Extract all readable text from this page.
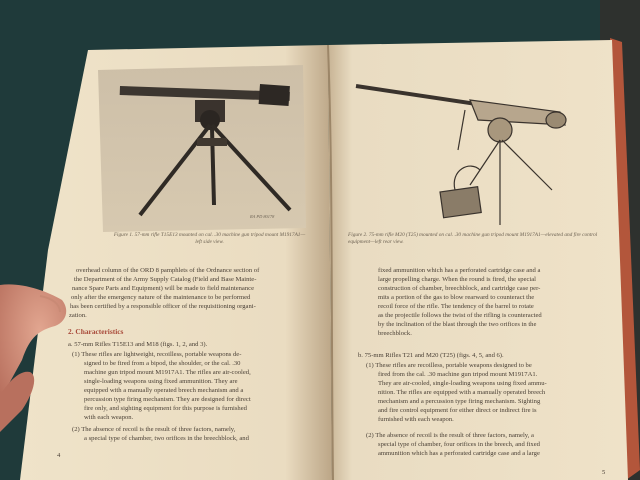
RA PD 80178
Figure 1. 57-mm rifle T15E13 mounted on cal. .30 machine gun tripod mount M1917A1—left side view.
overhead column of the ORD 8 pamphlets of the Ordnance section of
the Department of the Army Supply Catalog (Field and Base Mainte-
nance Spare Parts and Equipment) will be made to field maintenance
only after the emergency nature of the maintenance to be performed
has been certified by a responsible officer of the requisitioning organi-
zation.
2. Characteristics
a. 57-mm Rifles T15E13 and M18 (figs. 1, 2, and 3).
(1) These rifles are lightweight, recoilless, portable weapons de-
signed to be fired from a bipod, the shoulder, or the cal. .30
machine gun tripod mount M1917A1. The rifles are air-cooled,
single-loading weapons using fixed ammunition. They are
equipped with a manually operated breech mechanism and a
percussion type firing mechanism. They are designed for direct
fire only, and sighting equipment for this purpose is furnished
with each weapon.
(2) The absence of recoil is the result of three factors, namely,
a special type of chamber, two orifices in the breechblock, and
4
Figure 2. 75-mm rifle M20 (T25) mounted on cal. .30 machine gun tripod mount M1917A1—elevated and fire control equipment—left rear view.
fixed ammunition which has a perforated cartridge case and a
large propelling charge. When the round is fired, the special
construction of chamber, breechblock, and cartridge case per-
mits a portion of the gas to blow rearward to counteract the
recoil force of the rifle. The tendency of the barrel to rotate
as the projectile follows the twist of the rifling is counteracted
by the inclination of the blast through the two orifices in the
breechblock.
b. 75-mm Rifles T21 and M20 (T25) (figs. 4, 5, and 6).
(1) These rifles are recoilless, portable weapons designed to be
fired from the cal. .30 machine gun tripod mount M1917A1.
They are air-cooled, single-loading weapons using fixed ammu-
nition. The rifles are equipped with a manually operated breech
mechanism and a percussion type firing mechanism. Sighting
and fire control equipment for either direct or indirect fire is
furnished with each weapon.
(2) The absence of recoil is the result of three factors, namely, a
special type of chamber, four orifices in the breech, and fixed
ammunition which has a perforated cartridge case and a large
5
